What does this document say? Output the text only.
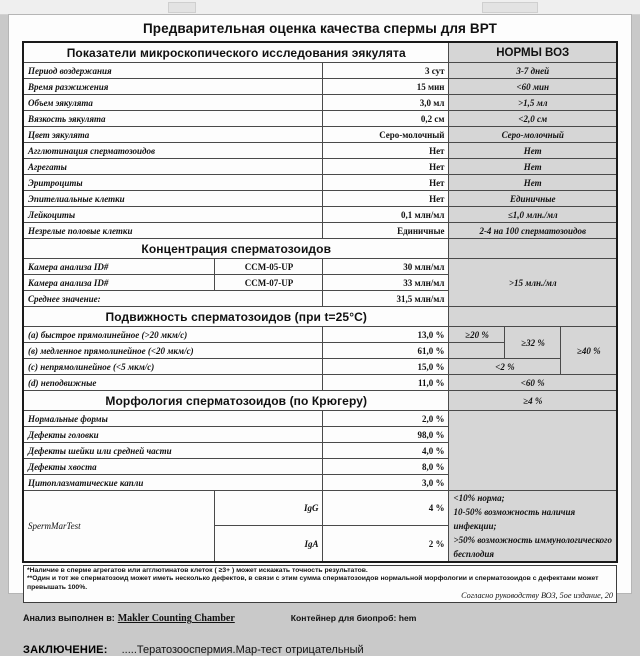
Предварительная оценка качества спермы для ВРТ
Показатели микроскопического исследования эякулята			НОРМЫ ВОЗ		
Период воздержания		3 сут	3-7 дней		
Время разжижения		15 мин	<60 мин		
Объем эякулята		3,0 мл	>1,5 мл		
Вязкость эякулята		0,2 см	<2,0 см		
Цвет эякулята		Серо-молочный	Серо-молочный		
Агглютинация сперматозоидов		Нет	Нет		
Агрегаты		Нет	Нет		
Эритроциты		Нет	Нет		
Эпителиальные клетки		Нет	Единичные		
Лейкоциты		0,1 млн/мл	≤1,0 млн./мл		
Незрелые половые клетки		Единичные	2-4 на 100 сперматозоидов		
Концентрация сперматозоидов					
Камера анализа ID#	CCM-05-UP	30 млн/мл	>15 млн./мл		
Камера анализа ID#	CCM-07-UP	33 млн/мл			
Среднее значение:		31,5 млн/мл			
Подвижность сперматозоидов (при t=25°C)					
(a) быстрое прямолинейное (>20 мкм/с)		13,0 %	≥20 %	≥32 %	≥40 %
(в) медленное прямолинейное (<20 мкм/с)		61,0 %			
(c) непрямолинейное (<5 мкм/с)		15,0 %	<2 %		
(d) неподвижные		11,0 %	<60 %		
Морфология сперматозоидов (по Крюгеру)			≥4 %		
Нормальные формы		2,0 %			
Дефекты головки		98,0 %			
Дефекты шейки или средней части		4,0 %			
Дефекты хвоста		8,0 %			
Цитоплазматические капли		3,0 %			
SpermMarTest	IgG	4 %	<10% норма;
10-50% возможность наличия инфекции;
>50% возможность иммунологического
бесплодия		

	IgA	2 %			
*Наличие в сперме агрегатов или агглютинатов клеток ( ≥3+ ) может искажать точность результатов.
**Один и тот же сперматозоид может иметь несколько дефектов, в связи с этим сумма сперматозоидов нормальной морфологии и сперматозоидов с дефектами может превышать 100%.
Согласно руководству ВОЗ, 5ое издание, 20
Анализ выполнен в: Makler Counting Chamber	Контейнер для биопроб: hem
ЗАКЛЮЧЕНИЕ: .....Тератозооспермия.Мар-тест отрицательный
